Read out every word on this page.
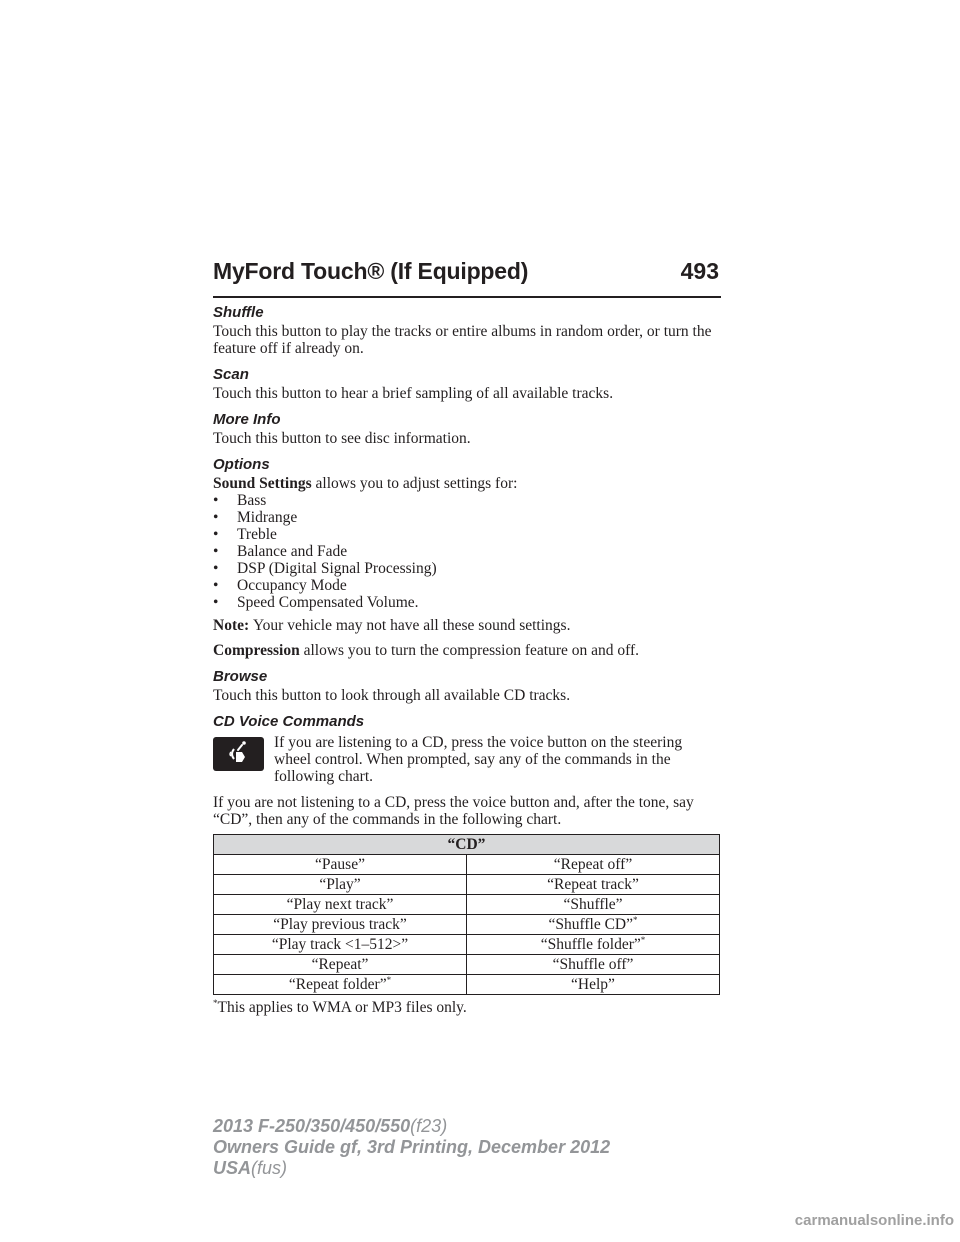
MyFord Touch® (If Equipped)	493
Shuffle

Touch this button to play the tracks or entire albums in random order, or turn the feature off if already on.

Scan

Touch this button to hear a brief sampling of all available tracks.

More Info

Touch this button to see disc information.

Options

Sound Settings allows you to adjust settings for:

• Bass
• Midrange
• Treble
• Balance and Fade
• DSP (Digital Signal Processing)
• Occupancy Mode
• Speed Compensated Volume.

Note: Your vehicle may not have all these sound settings.

Compression allows you to turn the compression feature on and off.

Browse

Touch this button to look through all available CD tracks.

CD Voice Commands

If you are listening to a CD, press the voice button on the steering wheel control. When prompted, say any of the commands in the following chart.

If you are not listening to a CD, press the voice button and, after the tone, say “CD”, then any of the commands in the following chart.

“CD”	
“Pause”	“Repeat off”
“Play”	“Repeat track”
“Play next track”	“Shuffle”
“Play previous track”	“Shuffle CD”*
“Play track <1–512>”	“Shuffle folder”*
“Repeat”	“Shuffle off”
“Repeat folder”*	“Help”

*This applies to WMA or MP3 files only.

2013 F-250/350/450/550(f23)
Owners Guide gf, 3rd Printing, December 2012
USA(fus)
carmanualsonline.info
